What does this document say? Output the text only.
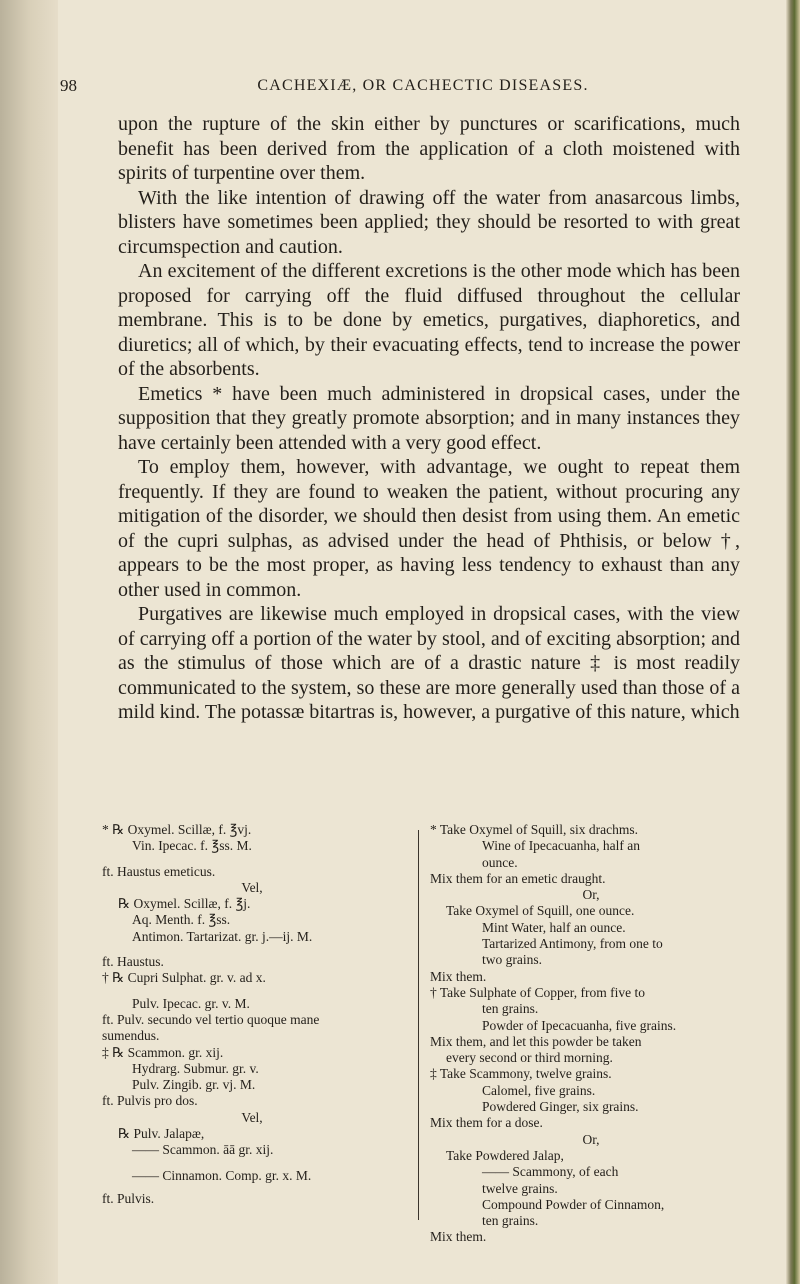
98	CACHEXIÆ, OR CACHECTIC DISEASES.

upon the rupture of the skin either by punctures or scarifications, much benefit has been derived from the application of a cloth moistened with spirits of turpentine over them.

With the like intention of drawing off the water from anasarcous limbs, blisters have sometimes been applied; they should be resorted to with great circumspection and caution.

An excitement of the different excretions is the other mode which has been proposed for carrying off the fluid diffused throughout the cellular membrane. This is to be done by emetics, purgatives, diaphoretics, and diuretics; all of which, by their evacuating effects, tend to increase the power of the absorbents.

Emetics * have been much administered in dropsical cases, under the supposition that they greatly promote absorption; and in many instances they have certainly been attended with a very good effect.

To employ them, however, with advantage, we ought to repeat them frequently. If they are found to weaken the patient, without procuring any mitigation of the disorder, we should then desist from using them. An emetic of the cupri sulphas, as advised under the head of Phthisis, or below †, appears to be the most proper, as having less tendency to exhaust than any other used in common.

Purgatives are likewise much employed in dropsical cases, with the view of carrying off a portion of the water by stool, and of exciting absorption; and as the stimulus of those which are of a drastic nature ‡ is most readily communicated to the system, so these are more generally used than those of a mild kind. The potassæ bitartras is, however, a purgative of this nature, which

* ℞ Oxymel. Scillæ, f. ℥vj.
Vin. Ipecac. f. ℥ss. M.
ft. Haustus emeticus.
Vel,
℞ Oxymel. Scillæ, f. ℥j.
Aq. Menth. f. ℥ss.
Antimon. Tartarizat. gr. j.—ij. M.
ft. Haustus.
† ℞ Cupri Sulphat. gr. v. ad x.
Pulv. Ipecac. gr. v. M.
ft. Pulv. secundo vel tertio quoque mane
sumendus.
‡ ℞ Scammon. gr. xij.
Hydrarg. Submur. gr. v.
Pulv. Zingib. gr. vj. M.
ft. Pulvis pro dos.
Vel,
℞ Pulv. Jalapæ,
—— Scammon. āā gr. xij.
—— Cinnamon. Comp. gr. x. M.
ft. Pulvis.
* Take Oxymel of Squill, six drachms.
Wine of Ipecacuanha, half an
ounce.
Mix them for an emetic draught.
Or,
Take Oxymel of Squill, one ounce.
Mint Water, half an ounce.
Tartarized Antimony, from one to
two grains.
Mix them.
† Take Sulphate of Copper, from five to
ten grains.
Powder of Ipecacuanha, five grains.
Mix them, and let this powder be taken
every second or third morning.
‡ Take Scammony, twelve grains.
Calomel, five grains.
Powdered Ginger, six grains.
Mix them for a dose.
Or,
Take Powdered Jalap,
—— Scammony, of each
twelve grains.
Compound Powder of Cinnamon,
ten grains.
Mix them.
